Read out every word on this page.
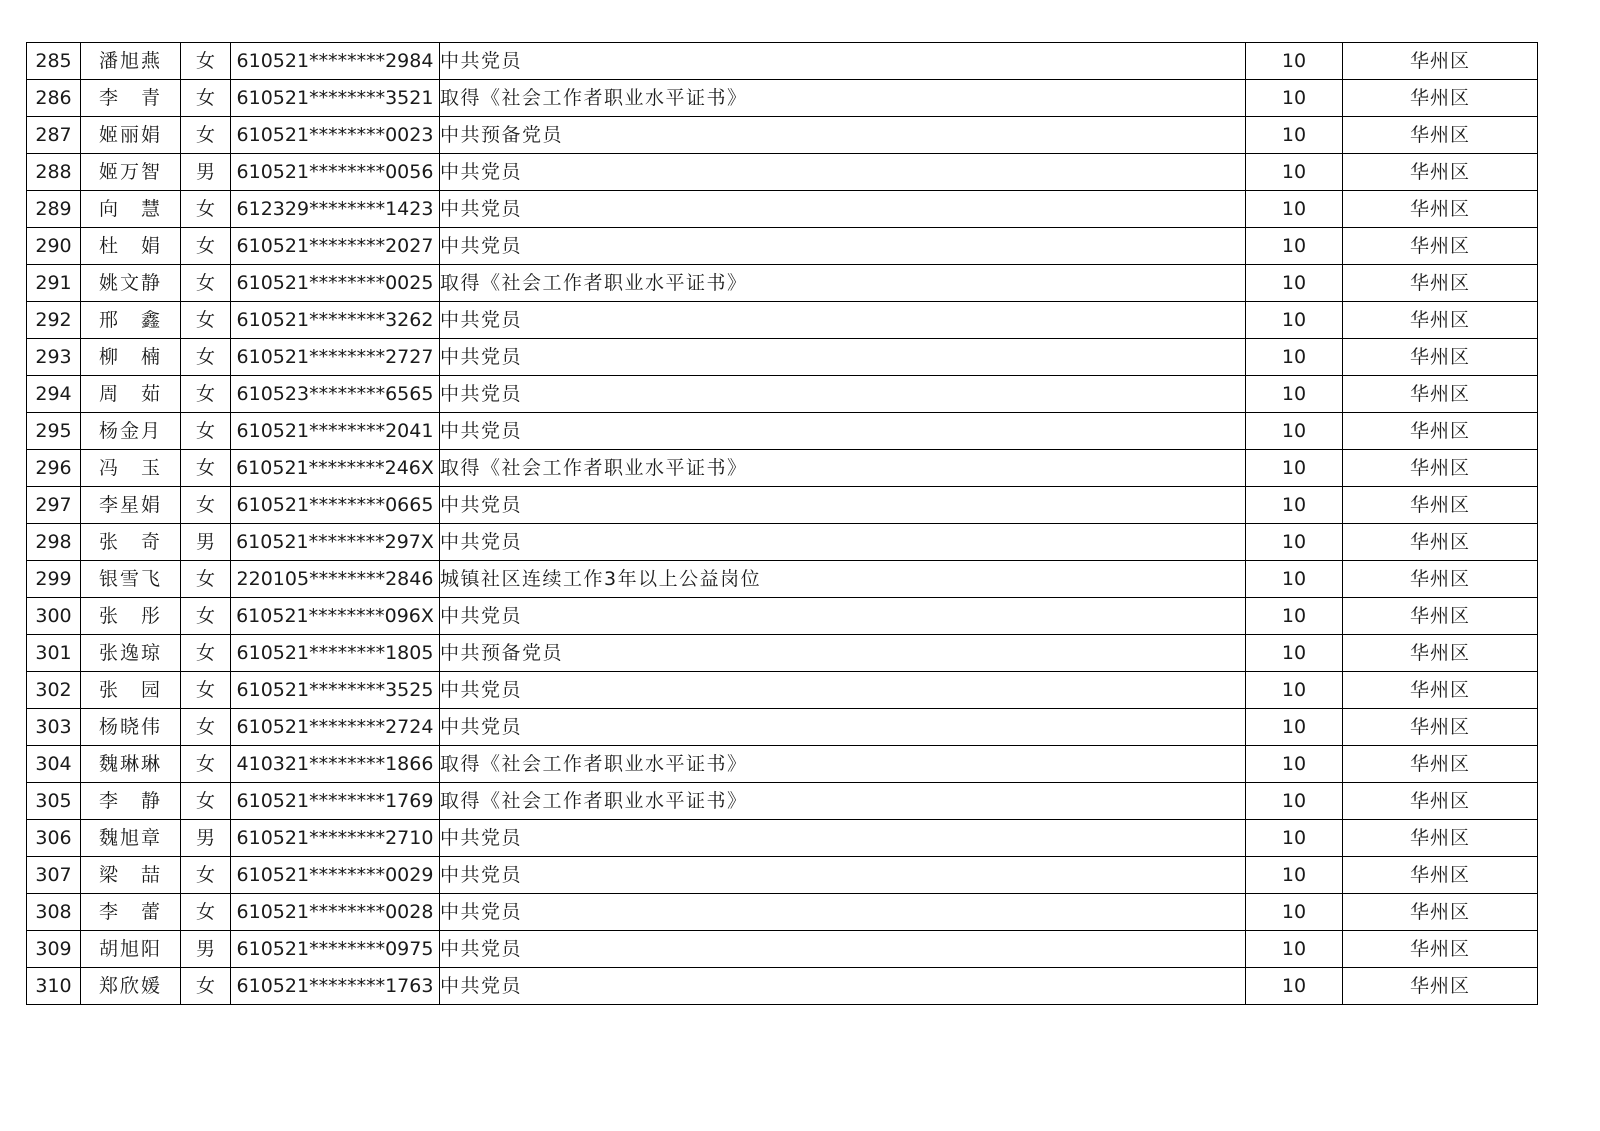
285	潘旭燕	女	610521********2984	中共党员	10	华州区
286	李　青	女	610521********3521	取得《社会工作者职业水平证书》	10	华州区
287	姬丽娟	女	610521********0023	中共预备党员	10	华州区
288	姬万智	男	610521********0056	中共党员	10	华州区
289	向　慧	女	612329********1423	中共党员	10	华州区
290	杜　娟	女	610521********2027	中共党员	10	华州区
291	姚文静	女	610521********0025	取得《社会工作者职业水平证书》	10	华州区
292	邢　鑫	女	610521********3262	中共党员	10	华州区
293	柳　楠	女	610521********2727	中共党员	10	华州区
294	周　茹	女	610523********6565	中共党员	10	华州区
295	杨金月	女	610521********2041	中共党员	10	华州区
296	冯　玉	女	610521********246X	取得《社会工作者职业水平证书》	10	华州区
297	李星娟	女	610521********0665	中共党员	10	华州区
298	张　奇	男	610521********297X	中共党员	10	华州区
299	银雪飞	女	220105********2846	城镇社区连续工作3年以上公益岗位	10	华州区
300	张　彤	女	610521********096X	中共党员	10	华州区
301	张逸琼	女	610521********1805	中共预备党员	10	华州区
302	张　园	女	610521********3525	中共党员	10	华州区
303	杨晓伟	女	610521********2724	中共党员	10	华州区
304	魏琳琳	女	410321********1866	取得《社会工作者职业水平证书》	10	华州区
305	李　静	女	610521********1769	取得《社会工作者职业水平证书》	10	华州区
306	魏旭章	男	610521********2710	中共党员	10	华州区
307	梁　喆	女	610521********0029	中共党员	10	华州区
308	李　蕾	女	610521********0028	中共党员	10	华州区
309	胡旭阳	男	610521********0975	中共党员	10	华州区
310	郑欣媛	女	610521********1763	中共党员	10	华州区
